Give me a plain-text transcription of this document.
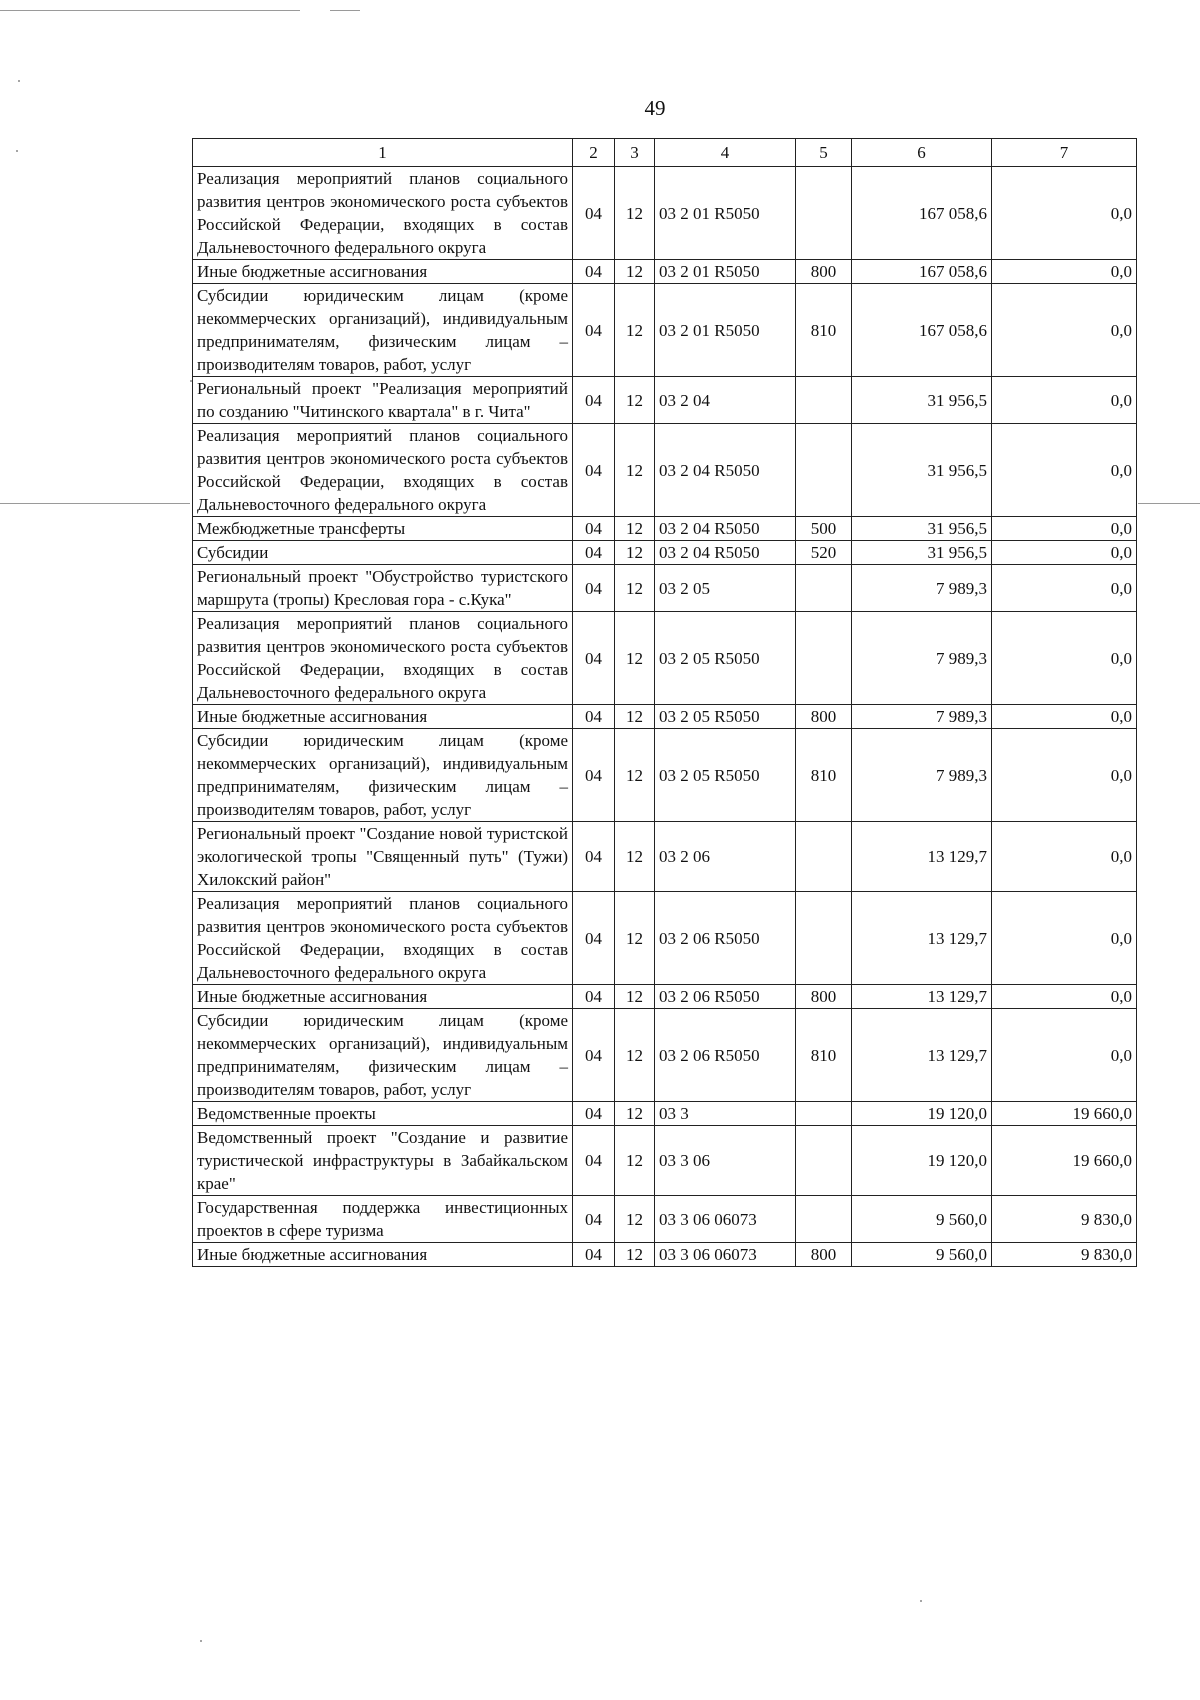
49
1	2	3	4	5	6	7
Реализация мероприятий планов социального развития центров экономического роста субъектов Российской Федерации, входящих в состав Дальневосточного федерального округа	04	12	03 2 01 R5050		167 058,6	0,0
Иные бюджетные ассигнования	04	12	03 2 01 R5050	800	167 058,6	0,0
Субсидии юридическим лицам (кроме некоммерческих организаций), индивидуальным предпринимателям, физическим лицам – производителям товаров, работ, услуг	04	12	03 2 01 R5050	810	167 058,6	0,0
Региональный проект "Реализация мероприятий по созданию "Читинского квартала" в г. Чита"	04	12	03 2 04		31 956,5	0,0
Реализация мероприятий планов социального развития центров экономического роста субъектов Российской Федерации, входящих в состав Дальневосточного федерального округа	04	12	03 2 04 R5050		31 956,5	0,0
Межбюджетные трансферты	04	12	03 2 04 R5050	500	31 956,5	0,0
Субсидии	04	12	03 2 04 R5050	520	31 956,5	0,0
Региональный проект "Обустройство туристского маршрута (тропы) Кресловая гора - с.Кука"	04	12	03 2 05		7 989,3	0,0
Реализация мероприятий планов социального развития центров экономического роста субъектов Российской Федерации, входящих в состав Дальневосточного федерального округа	04	12	03 2 05 R5050		7 989,3	0,0
Иные бюджетные ассигнования	04	12	03 2 05 R5050	800	7 989,3	0,0
Субсидии юридическим лицам (кроме некоммерческих организаций), индивидуальным предпринимателям, физическим лицам – производителям товаров, работ, услуг	04	12	03 2 05 R5050	810	7 989,3	0,0
Региональный проект "Создание новой туристской экологической тропы "Священный путь" (Тужи) Хилокский район"	04	12	03 2 06		13 129,7	0,0
Реализация мероприятий планов социального развития центров экономического роста субъектов Российской Федерации, входящих в состав Дальневосточного федерального округа	04	12	03 2 06 R5050		13 129,7	0,0
Иные бюджетные ассигнования	04	12	03 2 06 R5050	800	13 129,7	0,0
Субсидии юридическим лицам (кроме некоммерческих организаций), индивидуальным предпринимателям, физическим лицам – производителям товаров, работ, услуг	04	12	03 2 06 R5050	810	13 129,7	0,0
Ведомственные проекты	04	12	03 3		19 120,0	19 660,0
Ведомственный проект "Создание и развитие туристической инфраструктуры в Забайкальском крае"	04	12	03 3 06		19 120,0	19 660,0
Государственная поддержка инвестиционных проектов в сфере туризма	04	12	03 3 06 06073		9 560,0	9 830,0
Иные бюджетные ассигнования	04	12	03 3 06 06073	800	9 560,0	9 830,0
